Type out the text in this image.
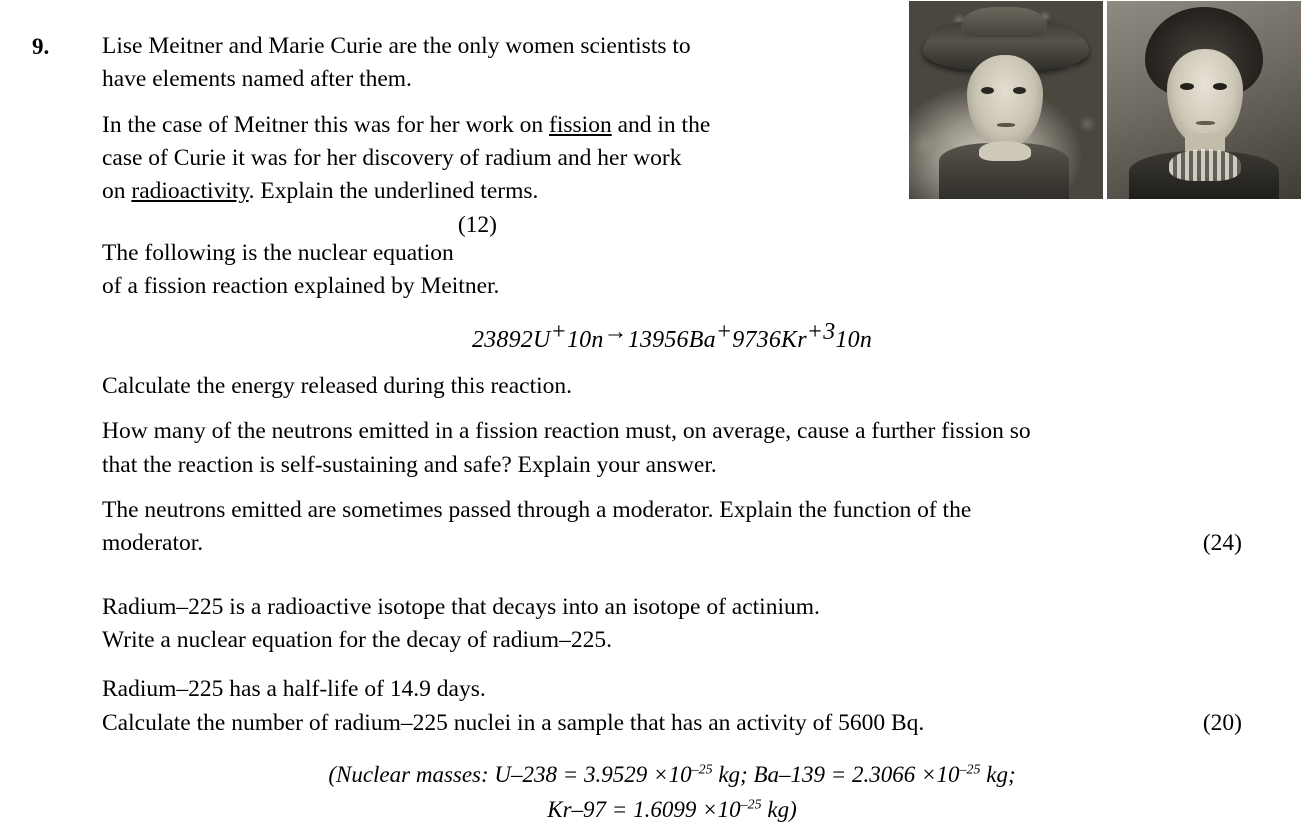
9. Lise Meitner and Marie Curie are the only women scientists to
have elements named after them.

In the case of Meitner this was for her work on fission and in the
case of Curie it was for her discovery of radium and her work
on radioactivity. Explain the underlined terms.
(12)

The following is the nuclear equation of a fission reaction explained by Meitner.

23892U+10n→13956Ba+9736Kr+310n

Calculate the energy released during this reaction.

How many of the neutrons emitted in a fission reaction must, on average, cause a further fission so
that the reaction is self-sustaining and safe? Explain your answer.

The neutrons emitted are sometimes passed through a moderator. Explain the function of the
moderator.	(24)

Radium–225 is a radioactive isotope that decays into an isotope of actinium.
Write a nuclear equation for the decay of radium–225.

Radium–225 has a half-life of 14.9 days.
Calculate the number of radium–225 nuclei in a sample that has an activity of 5600 Bq.	(20)

(Nuclear masses: $U-238 = 3.9529 \times 10^{-25}$ kg; $Ba-139 = 2.3066 \times 10^{-25}$ kg;
$Kr-97 = 1.6099 \times 10^{-25}$ kg)
